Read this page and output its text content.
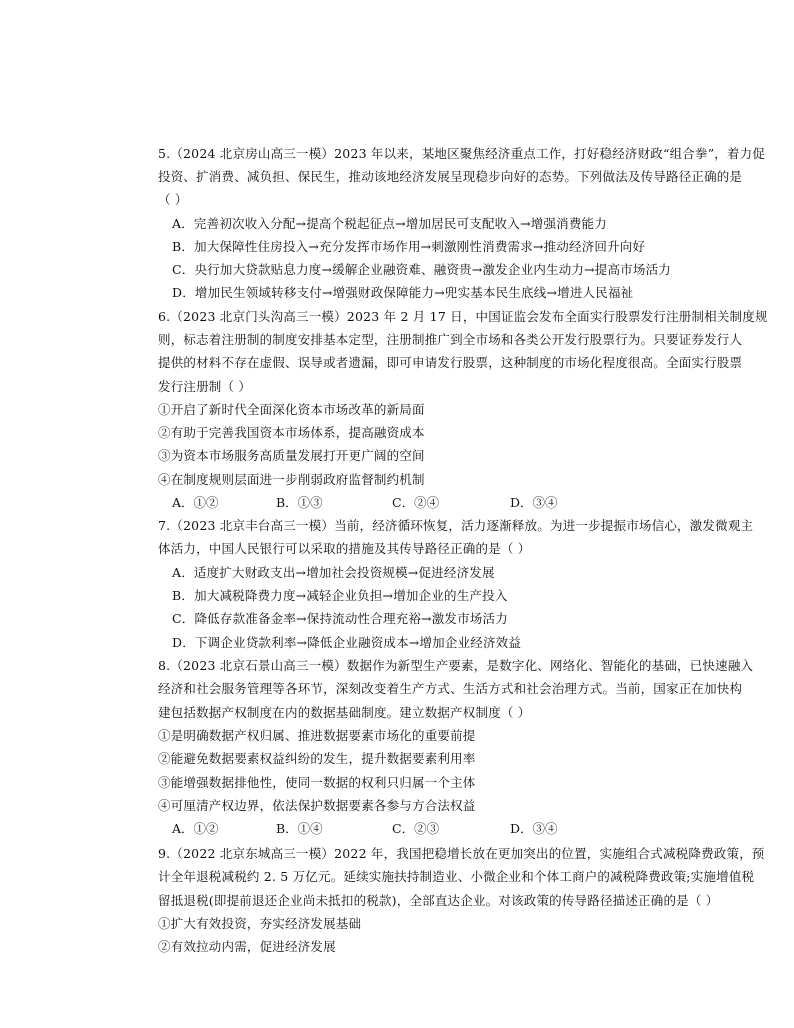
5.（2024 北京房山高三一模）2023 年以来，某地区聚焦经济重点工作，打好稳经济财政“组合拳”，着力促
投资、扩消费、减负担、保民生，推动该地经济发展呈现稳步向好的态势。下列做法及传导路径正确的是
（ ）
A．完善初次收入分配→提高个税起征点→增加居民可支配收入→增强消费能力
B．加大保障性住房投入→充分发挥市场作用→刺激刚性消费需求→推动经济回升向好
C．央行加大贷款贴息力度→缓解企业融资难、融资贵→激发企业内生动力→提高市场活力
D．增加民生领域转移支付→增强财政保障能力→兜实基本民生底线→增进人民福祉
6.（2023 北京门头沟高三一模）2023 年 2 月 17 日，中国证监会发布全面实行股票发行注册制相关制度规
则，标志着注册制的制度安排基本定型，注册制推广到全市场和各类公开发行股票行为。只要证券发行人
提供的材料不存在虚假、误导或者遗漏，即可申请发行股票，这种制度的市场化程度很高。全面实行股票
发行注册制（ ）
①开启了新时代全面深化资本市场改革的新局面
②有助于完善我国资本市场体系，提高融资成本
③为资本市场服务高质量发展打开更广阔的空间
④在制度规则层面进一步削弱政府监督制约机制
A．①②	B．①③	C．②④	D．③④
7.（2023 北京丰台高三一模）当前，经济循环恢复，活力逐渐释放。为进一步提振市场信心，激发微观主
体活力，中国人民银行可以采取的措施及其传导路径正确的是（ ）
A．适度扩大财政支出→增加社会投资规模→促进经济发展
B．加大减税降费力度→减轻企业负担→增加企业的生产投入
C．降低存款准备金率→保持流动性合理充裕→激发市场活力
D．下调企业贷款利率→降低企业融资成本→增加企业经济效益
8.（2023 北京石景山高三一模）数据作为新型生产要素，是数字化、网络化、智能化的基础，已快速融入
经济和社会服务管理等各环节，深刻改变着生产方式、生活方式和社会治理方式。当前，国家正在加快构
建包括数据产权制度在内的数据基础制度。建立数据产权制度（ ）
①是明确数据产权归属、推进数据要素市场化的重要前提
②能避免数据要素权益纠纷的发生，提升数据要素利用率
③能增强数据排他性，使同一数据的权利只归属一个主体
④可厘清产权边界，依法保护数据要素各参与方合法权益
A．①②	B．①④	C．②③	D．③④
9.（2022 北京东城高三一模）2022 年，我国把稳增长放在更加突出的位置，实施组合式减税降费政策，预
计全年退税减税约 2. 5 万亿元。延续实施扶持制造业、小微企业和个体工商户的减税降费政策;实施增值税
留抵退税(即提前退还企业尚未抵扣的税款)，全部直达企业。对该政策的传导路径描述正确的是（ ）
①扩大有效投资，夯实经济发展基础
②有效拉动内需，促进经济发展
